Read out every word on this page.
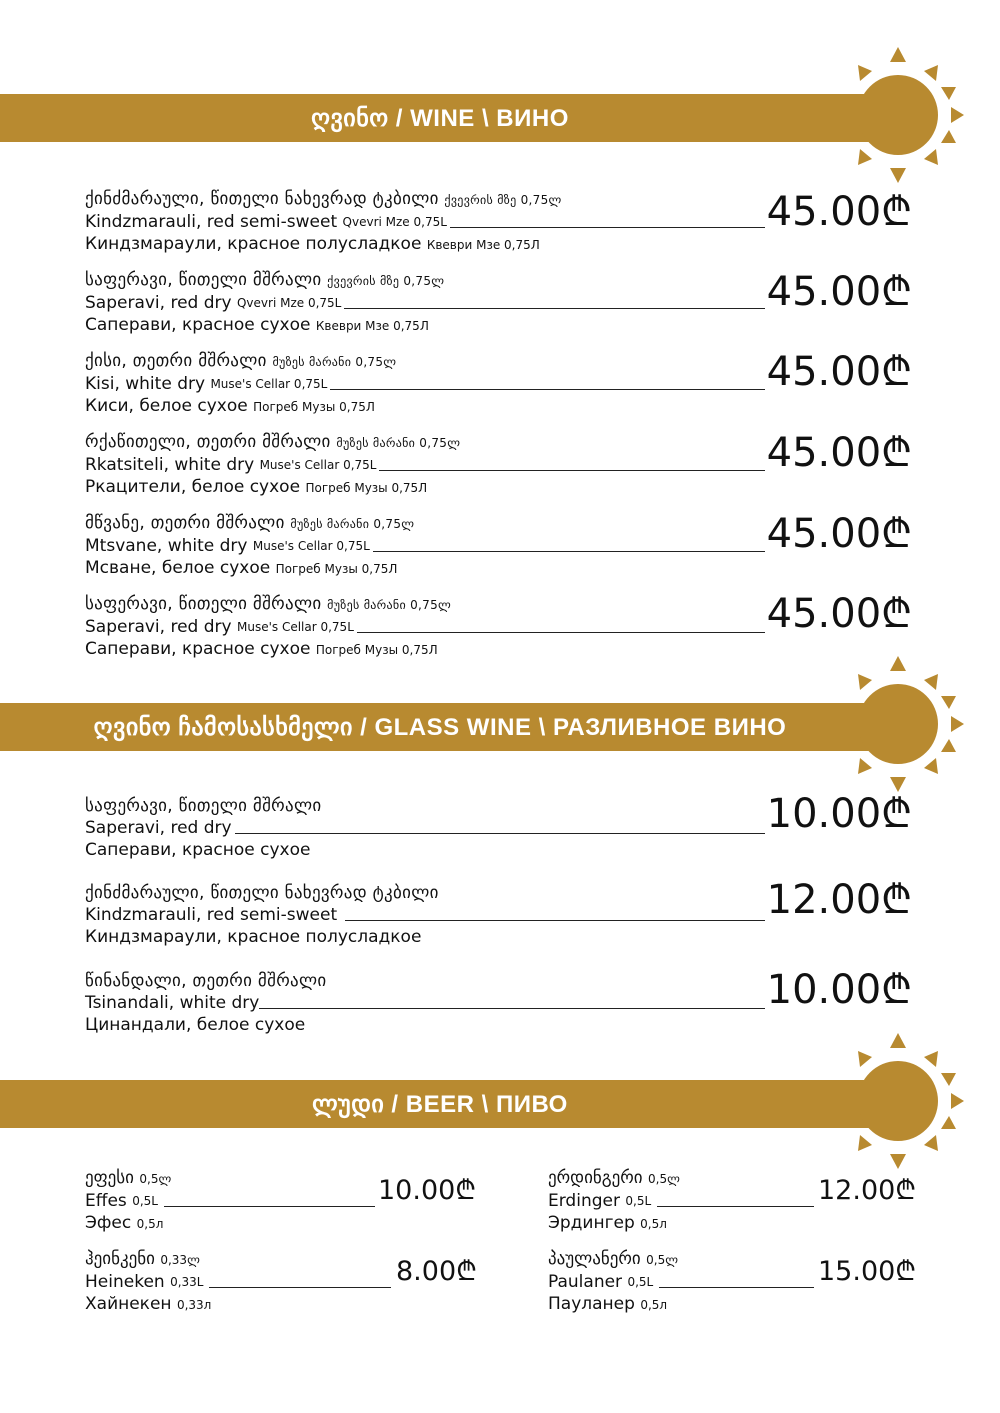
ღვინო / WINE \ ВИНО
ქინძმარაული, წითელი ნახევრად ტკბილი ქვევრის მზე 0,75ლ
Kindzmarauli, red semi-sweet
Qvevri Mze 0,75L
Киндзмараули, красное полусладкое Квеври Мзе 0,75Л
45.00₾
საფერავი, წითელი მშრალი ქვევრის მზე 0,75ლ
Saperavi, red dry
Qvevri Mze 0,75L
Саперави, красное сухое Квеври Мзе 0,75Л
45.00₾
ქისი, თეთრი მშრალი მუზეს მარანი 0,75ლ
Kisi, white dry
Muse's Cellar 0,75L
Киси, белое сухое Погреб Музы 0,75Л
45.00₾
რქაწითელი, თეთრი მშრალი მუზეს მარანი 0,75ლ
Rkatsiteli, white dry
Muse's Cellar 0,75L
Ркацители, белое сухое Погреб Музы 0,75Л
45.00₾
მწვანე, თეთრი მშრალი მუზეს მარანი 0,75ლ
Mtsvane, white dry
Muse's Cellar 0,75L
Мсване, белое сухое Погреб Музы 0,75Л
45.00₾
საფერავი, წითელი მშრალი მუზეს მარანი 0,75ლ
Saperavi, red dry
Muse's Cellar 0,75L
Саперави, красное сухое Погреб Музы 0,75Л
45.00₾
ღვინო ჩამოსასხმელი / GLASS WINE \ РАЗЛИВНОЕ ВИНО
საფერავი, წითელი მშრალი
Saperavi, red dry
Саперави, красное сухое
10.00₾
ქინძმარაული, წითელი ნახევრად ტკბილი
Kindzmarauli, red semi-sweet
Киндзмараули, красное полусладкое
12.00₾
წინანდალი, თეთრი მშრალი
Tsinandali, white dry
Цинандали, белое сухое
10.00₾
ლუდი / BEER \ ПИВО
ეფესი 0,5ლ
Effes
0,5L
Эфес 0,5л
10.00₾
ჰეინკენი 0,33ლ
Heineken
0,33L
Хайнекен 0,33л
8.00₾
ერდინგერი 0,5ლ
Erdinger
0,5L
Эрдингер 0,5л
12.00₾
პაულანერი 0,5ლ
Paulaner
0,5L
Пауланер 0,5л
15.00₾
